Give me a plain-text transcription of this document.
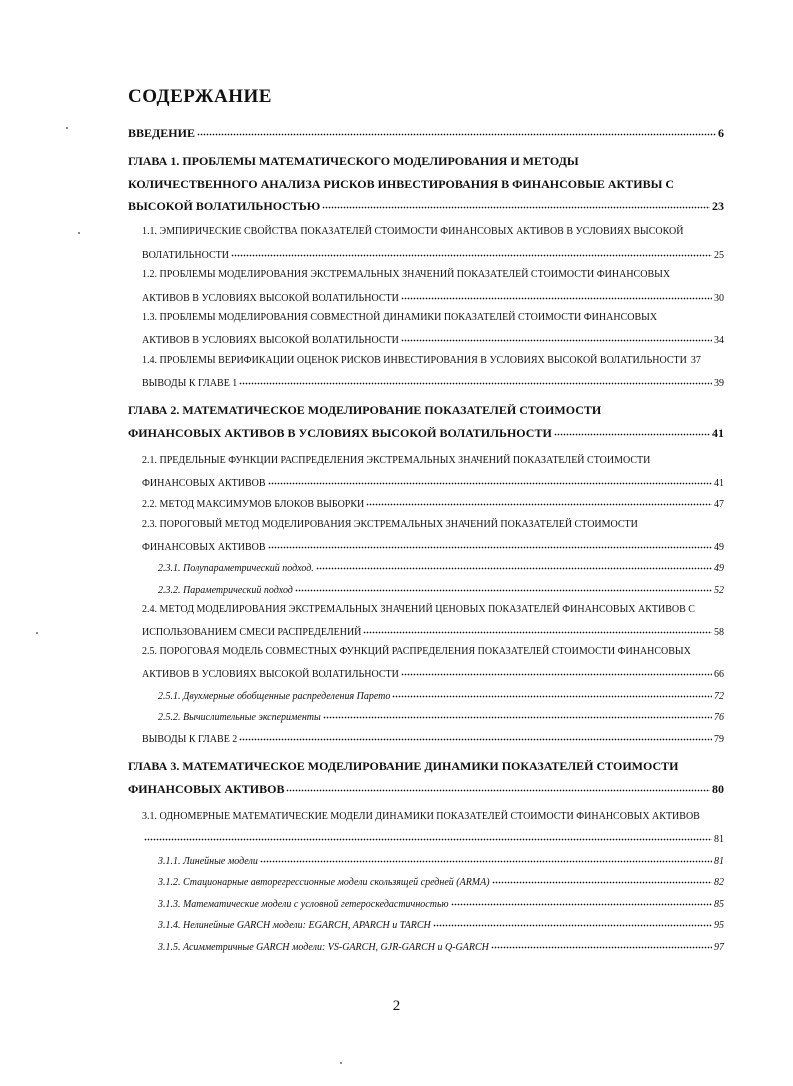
СОДЕРЖАНИЕ
ВВЕДЕНИЕ	6
ГЛАВА 1. ПРОБЛЕМЫ МАТЕМАТИЧЕСКОГО МОДЕЛИРОВАНИЯ И МЕТОДЫ
КОЛИЧЕСТВЕННОГО АНАЛИЗА РИСКОВ ИНВЕСТИРОВАНИЯ В ФИНАНСОВЫЕ АКТИВЫ С
ВЫСОКОЙ ВОЛАТИЛЬНОСТЬЮ	23
1.1. ЭМПИРИЧЕСКИЕ СВОЙСТВА ПОКАЗАТЕЛЕЙ СТОИМОСТИ ФИНАНСОВЫХ АКТИВОВ В УСЛОВИЯХ ВЫСОКОЙ
ВОЛАТИЛЬНОСТИ	25
1.2. ПРОБЛЕМЫ МОДЕЛИРОВАНИЯ ЭКСТРЕМАЛЬНЫХ ЗНАЧЕНИЙ ПОКАЗАТЕЛЕЙ СТОИМОСТИ ФИНАНСОВЫХ
АКТИВОВ В УСЛОВИЯХ ВЫСОКОЙ ВОЛАТИЛЬНОСТИ	30
1.3. ПРОБЛЕМЫ МОДЕЛИРОВАНИЯ СОВМЕСТНОЙ ДИНАМИКИ ПОКАЗАТЕЛЕЙ СТОИМОСТИ ФИНАНСОВЫХ
АКТИВОВ В УСЛОВИЯХ ВЫСОКОЙ ВОЛАТИЛЬНОСТИ	34
1.4. ПРОБЛЕМЫ ВЕРИФИКАЦИИ ОЦЕНОК РИСКОВ ИНВЕСТИРОВАНИЯ В УСЛОВИЯХ ВЫСОКОЙ ВОЛАТИЛЬНОСТИ 37
ВЫВОДЫ К ГЛАВЕ 1	39
ГЛАВА 2. МАТЕМАТИЧЕСКОЕ МОДЕЛИРОВАНИЕ ПОКАЗАТЕЛЕЙ СТОИМОСТИ
ФИНАНСОВЫХ АКТИВОВ В УСЛОВИЯХ ВЫСОКОЙ ВОЛАТИЛЬНОСТИ	41
2.1. ПРЕДЕЛЬНЫЕ ФУНКЦИИ РАСПРЕДЕЛЕНИЯ ЭКСТРЕМАЛЬНЫХ ЗНАЧЕНИЙ ПОКАЗАТЕЛЕЙ СТОИМОСТИ
ФИНАНСОВЫХ АКТИВОВ	41
2.2. МЕТОД МАКСИМУМОВ БЛОКОВ ВЫБОРКИ	47
2.3. ПОРОГОВЫЙ МЕТОД МОДЕЛИРОВАНИЯ ЭКСТРЕМАЛЬНЫХ ЗНАЧЕНИЙ ПОКАЗАТЕЛЕЙ СТОИМОСТИ
ФИНАНСОВЫХ АКТИВОВ	49
2.3.1. Полупараметрический подход.	49
2.3.2. Параметрический подход	52
2.4. МЕТОД МОДЕЛИРОВАНИЯ ЭКСТРЕМАЛЬНЫХ ЗНАЧЕНИЙ ЦЕНОВЫХ ПОКАЗАТЕЛЕЙ ФИНАНСОВЫХ АКТИВОВ С
ИСПОЛЬЗОВАНИЕМ СМЕСИ РАСПРЕДЕЛЕНИЙ	58
2.5. ПОРОГОВАЯ МОДЕЛЬ СОВМЕСТНЫХ ФУНКЦИЙ РАСПРЕДЕЛЕНИЯ ПОКАЗАТЕЛЕЙ СТОИМОСТИ ФИНАНСОВЫХ
АКТИВОВ В УСЛОВИЯХ ВЫСОКОЙ ВОЛАТИЛЬНОСТИ	66
2.5.1. Двухмерные обобщенные распределения Парето	72
2.5.2. Вычислительные эксперименты	76
ВЫВОДЫ К ГЛАВЕ 2	79
ГЛАВА 3. МАТЕМАТИЧЕСКОЕ МОДЕЛИРОВАНИЕ ДИНАМИКИ ПОКАЗАТЕЛЕЙ СТОИМОСТИ
ФИНАНСОВЫХ АКТИВОВ	80
3.1. ОДНОМЕРНЫЕ МАТЕМАТИЧЕСКИЕ МОДЕЛИ ДИНАМИКИ ПОКАЗАТЕЛЕЙ СТОИМОСТИ ФИНАНСОВЫХ АКТИВОВ
81
3.1.1. Линейные модели	81
3.1.2. Стационарные авторегрессионные модели скользящей средней (ARMA)	82
3.1.3. Математические модели с условной гетероскедастичностью	85
3.1.4. Нелинейные GARCH модели: EGARCH, APARCH и TARCH	95
3.1.5. Асимметричные GARCH модели: VS-GARCH, GJR-GARCH и Q-GARCH	97
2
